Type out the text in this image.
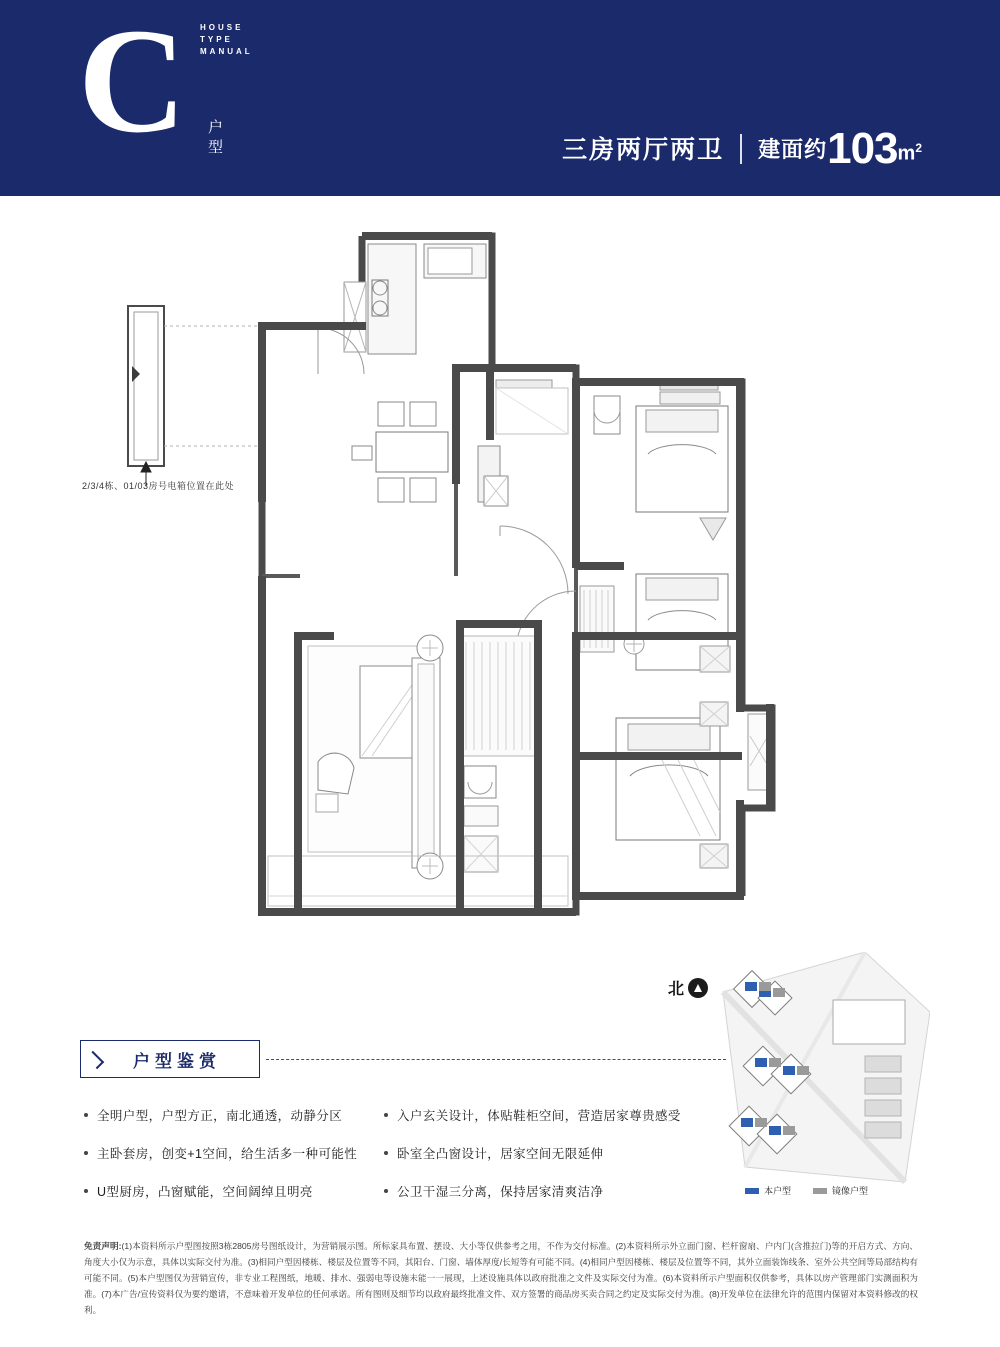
C HOUSE
TYPE
MANUAL
户型	三房两厅两卫	建面约 103 $m^2$
2/3/4栋、01/03房号电箱位置在此处
北
本户型	镜像户型
户型鉴赏
全明户型，户型方正，南北通透，动静分区
主卧套房，创变+1空间，给生活多一种可能性
U型厨房，凸窗赋能，空间阔绰且明亮
入户玄关设计，体贴鞋柜空间，营造居家尊贵感受
卧室全凸窗设计，居家空间无限延伸
公卫干湿三分离，保持居家清爽洁净
免责声明:(1)本资料所示户型图按照3栋2805房号图纸设计，为营销展示图。所标家具布置、摆设、大小等仅供参考之用，不作为交付标准。(2)本资料所示外立面门窗、栏杆窗扇、户内门(含推拉门)等的开启方式、方向、角度大小仅为示意，具体以实际交付为准。(3)相同户型因楼栋、楼层及位置等不同，其阳台、门窗、墙体厚度/长短等有可能不同。(4)相同户型因楼栋、楼层及位置等不同，其外立面装饰线条、室外公共空间等局部结构有可能不同。(5)本户型图仅为营销宣传，非专业工程图纸，地暖、排水、强弱电等设施未能一一展现，上述设施具体以政府批准之文件及实际交付为准。(6)本资料所示户型面积仅供参考，具体以房产管理部门实测面积为准。(7)本广告/宣传资料仅为要约邀请，不意味着开发单位的任何承诺。所有图则及细节均以政府最终批准文件、双方签署的商品房买卖合同之约定及实际交付为准。(8)开发单位在法律允许的范围内保留对本资料修改的权利。
